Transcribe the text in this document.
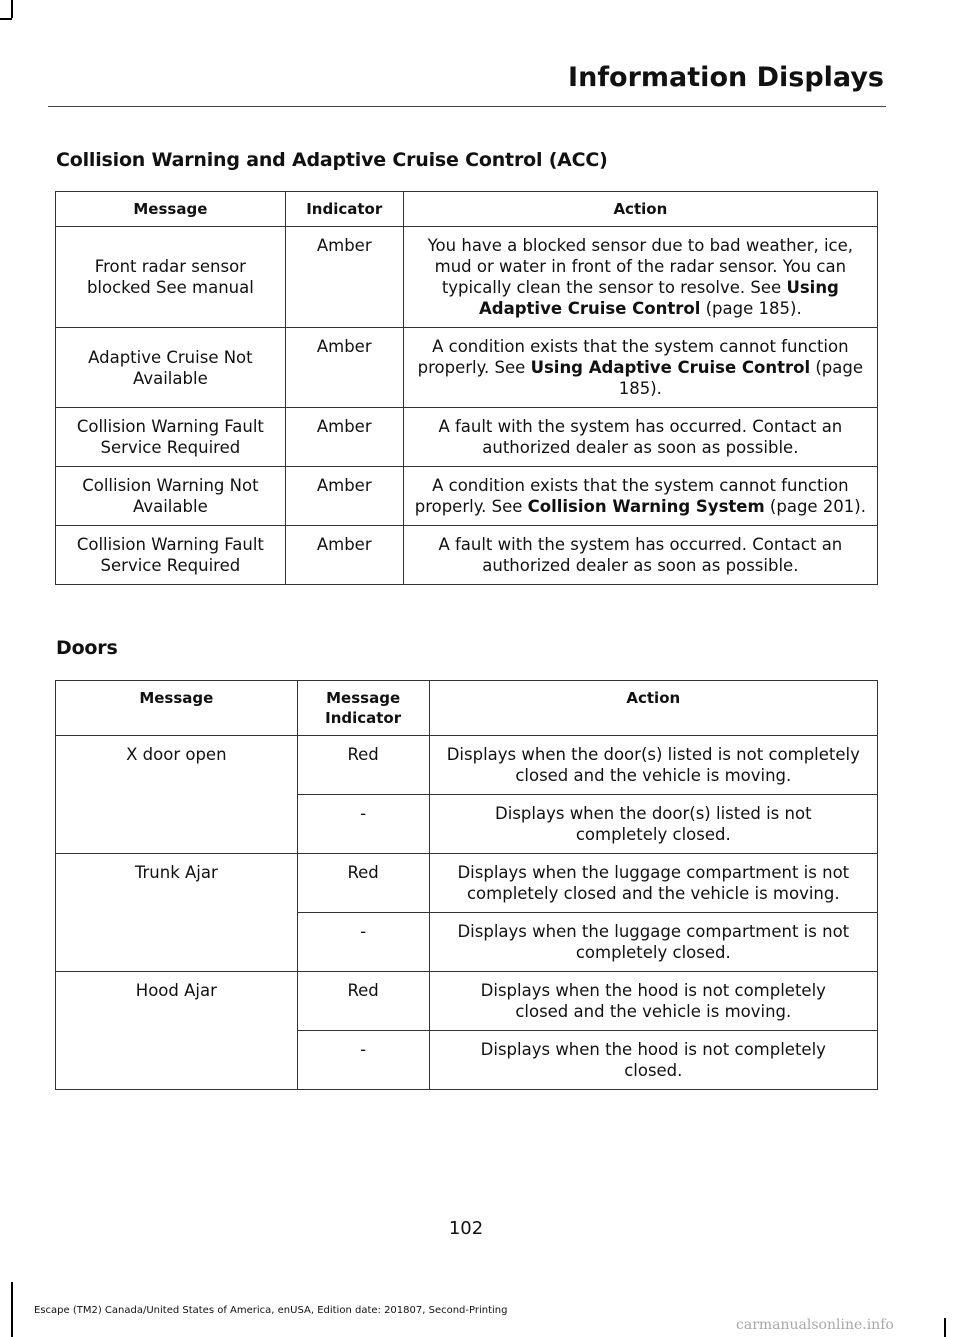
Information Displays
Collision Warning and Adaptive Cruise Control (ACC)
Message	Indicator	Action
Front radar sensor blocked See manual	Amber	You have a blocked sensor due to bad weather, ice, mud or water in front of the radar sensor. You can typically clean the sensor to resolve. See Using Adaptive Cruise Control (page 185).
Adaptive Cruise Not Available	Amber	A condition exists that the system cannot function properly. See Using Adaptive Cruise Control (page 185).
Collision Warning Fault Service Required	Amber	A fault with the system has occurred. Contact an authorized dealer as soon as possible.
Collision Warning Not Available	Amber	A condition exists that the system cannot function properly. See Collision Warning System (page 201).
Collision Warning Fault Service Required	Amber	A fault with the system has occurred. Contact an authorized dealer as soon as possible.
Doors
Message	Message Indicator	Action
X door open	Red	Displays when the door(s) listed is not completely closed and the vehicle is moving.
	-	Displays when the door(s) listed is not completely closed.
Trunk Ajar	Red	Displays when the luggage compartment is not completely closed and the vehicle is moving.
	-	Displays when the luggage compartment is not completely closed.
Hood Ajar	Red	Displays when the hood is not completely closed and the vehicle is moving.
	-	Displays when the hood is not completely closed.
102
Escape (TM2) Canada/United States of America, enUSA, Edition date: 201807, Second-Printing
carmanualsonline.info
